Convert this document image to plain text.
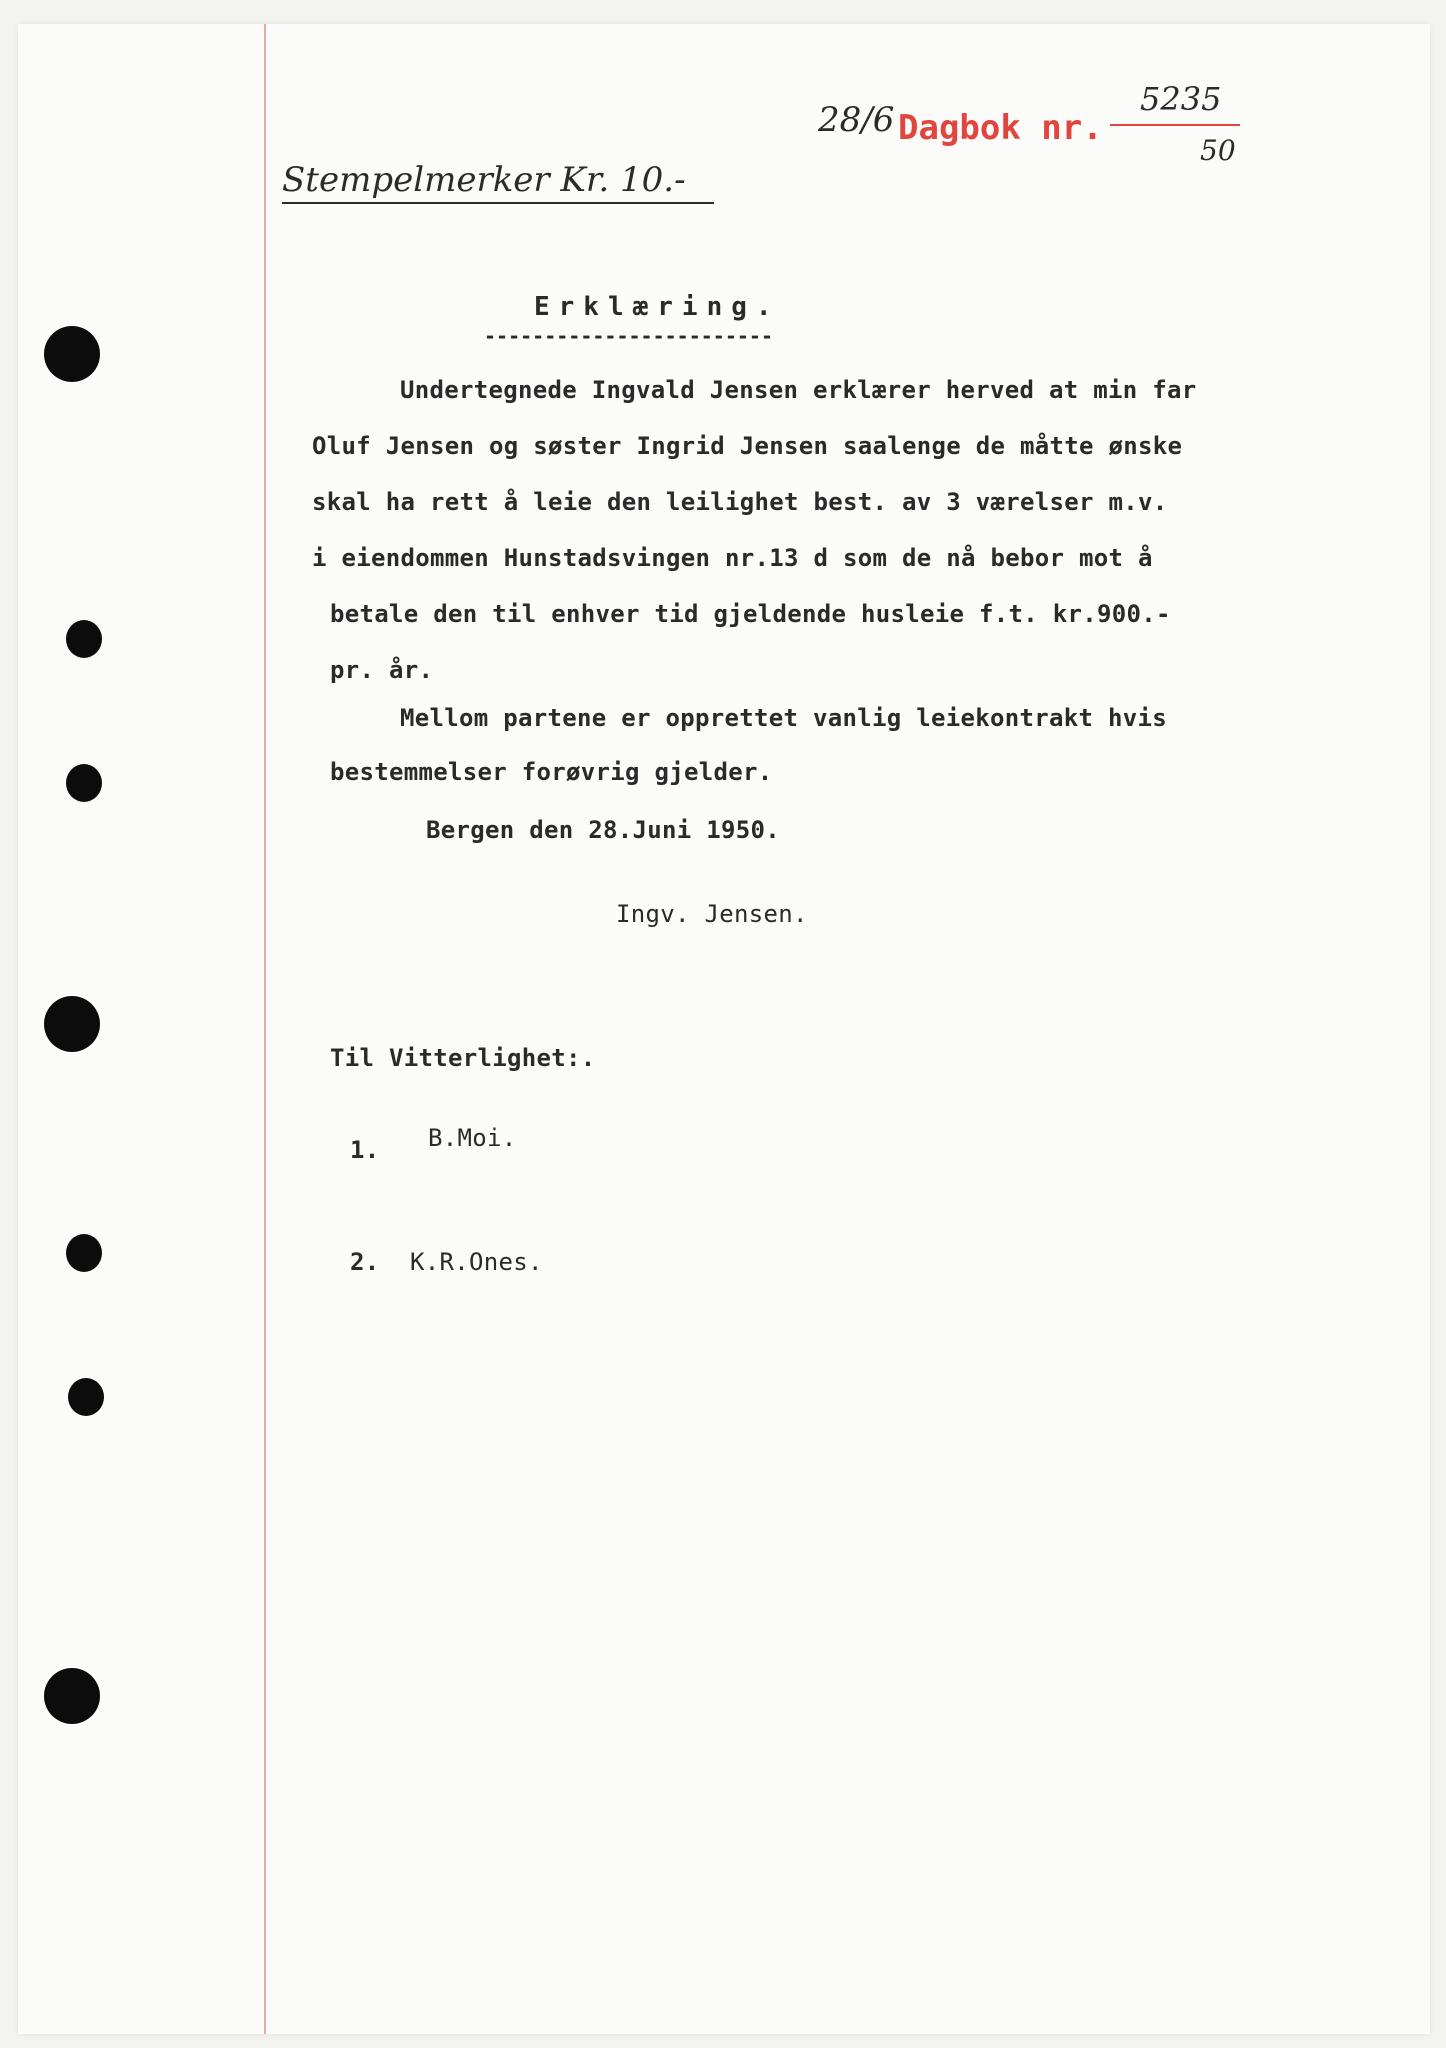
Stempelmerker Kr. 10.-
28/6 Dagbok nr.
5235
50
Erklæring.
------------------------
Undertegnede Ingvald Jensen erklærer herved at min far
Oluf Jensen og søster Ingrid Jensen saalenge de måtte ønske
skal ha rett å leie den leilighet best. av 3 værelser m.v.
i eiendommen Hunstadsvingen nr.13 d som de nå bebor mot å
betale den til enhver tid gjeldende husleie f.t. kr.900.-
pr. år.
Mellom partene er opprettet vanlig leiekontrakt hvis
bestemmelser forøvrig gjelder.
Bergen den 28.Juni 1950.
Ingv. Jensen.
Til Vitterlighet:.
1. B.Moi.
2. K.R.Ones.
